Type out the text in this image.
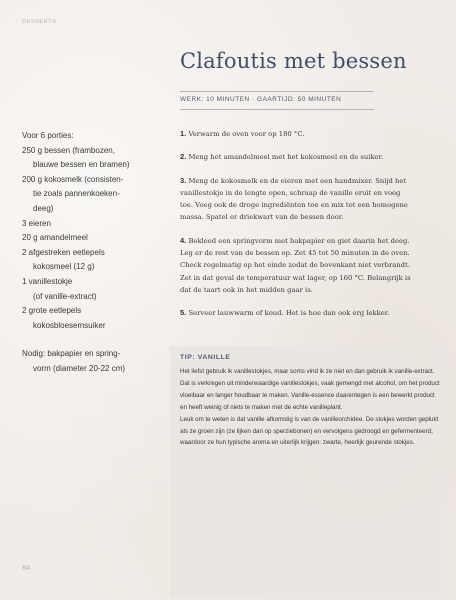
DESSERTS
Clafoutis met bessen
WERK: 10 MINUTEN · GAARTIJD: 50 MINUTEN

Voor 6 porties:

250 g bessen (frambozen,
blauwe bessen en bramen)

200 g kokosmelk (consisten-
tie zoals pannenkoeken-
deeg)

3 eieren

20 g amandelmeel

2 afgestreken eetlepels
kokosmeel (12 g)

1 vanillestokje
(of vanille-extract)

2 grote eetlepels
kokosbloesemsuiker

Nodig: bakpapier en spring-
vorm (diameter 20-22 cm)

1. Verwarm de oven voor op 180 °C.

2. Meng het amandelmeel met het kokosmeel en de suiker.

3. Meng de kokosmelk en de eieren met een handmixer. Snijd het vanillestokje in de lengte open, schraap de vanille eruit en voeg toe. Voeg ook de droge ingrediënten toe en mix tot een homogene massa. Spatel er driekwart van de bessen door.

4. Bekleed een springvorm met bakpapier en giet daarin het deeg. Leg er de rest van de bessen op. Zet 45 tot 50 minuten in de oven. Check regelmatig op het einde zodat de bovenkant niet verbrandt. Zet in dat geval de temperatuur wat lager, op 160 °C. Belangrijk is dat de taart ook in het midden gaar is.

5. Serveer lauwwarm of koud. Het is hoe dan ook erg lekker.

TIP: VANILLE

Het liefst gebruik ik vanillestokjes, maar soms vind ik ze niet en dan gebruik ik vanille-extract. Dat is verkregen uit minderwaardige vanillestokjes, vaak gemengd met alcohol, om het product vloeibaar en langer houdbaar te maken. Vanille-essence daarentegen is een bewerkt product en heeft weinig of niets te maken met de echte vanilleplant.

Leuk om te weten is dat vanille afkomstig is van de vanilleorchidee. De stokjes worden geplukt als ze groen zijn (ze lijken dan op sperziebonen) en vervolgens gedroogd en gefermenteerd, waardoor ze hun typische aroma en uiterlijk krijgen: zwarte, heerlijk geurende stokjes.

84
